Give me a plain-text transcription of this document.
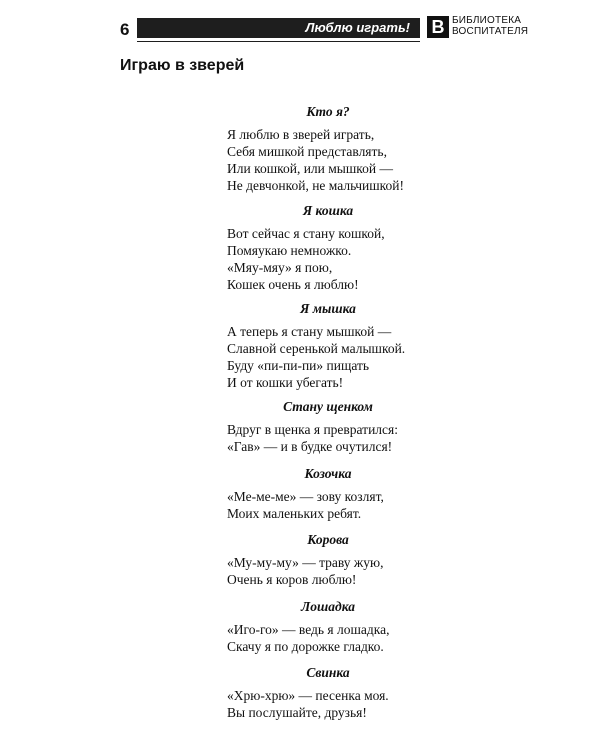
6	Люблю играть!	В БИБЛИОТЕКА
ВОСПИТАТЕЛЯ
Играю в зверей
Кто я?
Я люблю в зверей играть,
Себя мишкой представлять,
Или кошкой, или мышкой —
Не девчонкой, не мальчишкой!
Я кошка
Вот сейчас я стану кошкой,
Помяукаю немножко.
«Мяу-мяу» я пою,
Кошек очень я люблю!
Я мышка
А теперь я стану мышкой —
Славной серенькой малышкой.
Буду «пи-пи-пи» пищать
И от кошки убегать!
Стану щенком
Вдруг в щенка я превратился:
«Гав» — и в будке очутился!
Козочка
«Ме-ме-ме» — зову козлят,
Моих маленьких ребят.
Корова
«Му-му-му» — траву жую,
Очень я коров люблю!
Лошадка
«Иго-го» — ведь я лошадка,
Скачу я по дорожке гладко.
Свинка
«Хрю-хрю» — песенка моя.
Вы послушайте, друзья!
